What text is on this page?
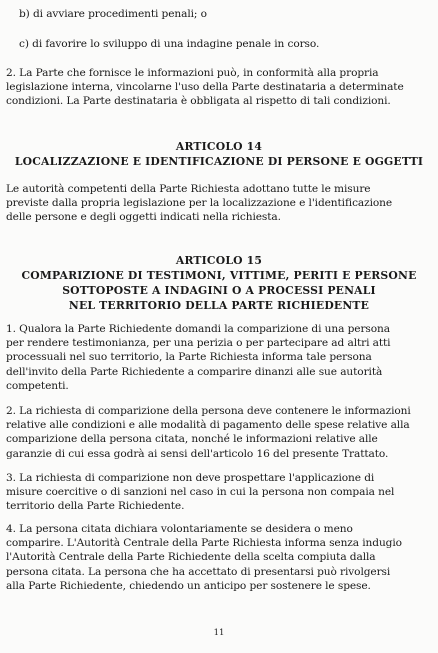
b) di avviare procedimenti penali; o

c) di favorire lo sviluppo di una indagine penale in corso.

2. La Parte che fornisce le informazioni può, in conformità alla propria
legislazione interna, vincolarne l'uso della Parte destinataria a determinate
condizioni. La Parte destinataria è obbligata al rispetto di tali condizioni.

ARTICOLO 14

LOCALIZZAZIONE E IDENTIFICAZIONE DI PERSONE E OGGETTI

Le autorità competenti della Parte Richiesta adottano tutte le misure
previste dalla propria legislazione per la localizzazione e l'identificazione
delle persone e degli oggetti indicati nella richiesta.

ARTICOLO 15

COMPARIZIONE DI TESTIMONI, VITTIME, PERITI E PERSONE

SOTTOPOSTE A INDAGINI O A PROCESSI PENALI

NEL TERRITORIO DELLA PARTE RICHIEDENTE

1. Qualora la Parte Richiedente domandi la comparizione di una persona
per rendere testimonianza, per una perizia o per partecipare ad altri atti
processuali nel suo territorio, la Parte Richiesta informa tale persona
dell'invito della Parte Richiedente a comparire dinanzi alle sue autorità
competenti.
2. La richiesta di comparizione della persona deve contenere le informazioni
relative alle condizioni e alle modalità di pagamento delle spese relative alla
comparizione della persona citata, nonché le informazioni relative alle
garanzie di cui essa godrà ai sensi dell'articolo 16 del presente Trattato.
3. La richiesta di comparizione non deve prospettare l'applicazione di
misure coercitive o di sanzioni nel caso in cui la persona non compaia nel
territorio della Parte Richiedente.
4. La persona citata dichiara volontariamente se desidera o meno
comparire. L'Autorità Centrale della Parte Richiesta informa senza indugio
l'Autorità Centrale della Parte Richiedente della scelta compiuta dalla
persona citata. La persona che ha accettato di presentarsi può rivolgersi
alla Parte Richiedente, chiedendo un anticipo per sostenere le spese.
11
